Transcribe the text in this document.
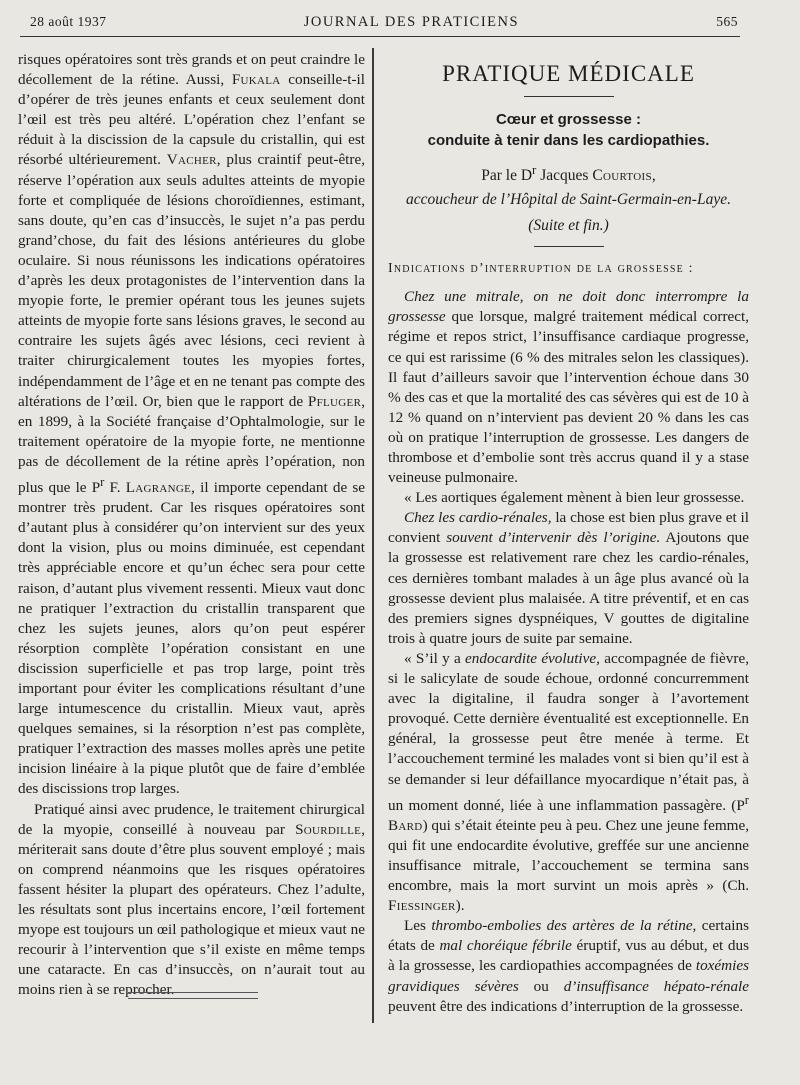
28 août 1937	JOURNAL DES PRATICIENS	565

risques opératoires sont très grands et on peut craindre le décollement de la rétine. Aussi, Fukala conseille-t-il d’opérer de très jeunes enfants et ceux seulement dont l’œil est très peu altéré. L’opération chez l’enfant se réduit à la discission de la capsule du cristallin, qui est résorbé ultérieurement. Vacher, plus craintif peut-être, réserve l’opération aux seuls adultes atteints de myopie forte et compliquée de lésions choroïdiennes, estimant, sans doute, qu’en cas d’insuccès, le sujet n’a pas perdu grand’chose, du fait des lésions antérieures du globe oculaire. Si nous réunissons les indications opératoires d’après les deux protagonistes de l’intervention dans la myopie forte, le premier opérant tous les jeunes sujets atteints de myopie forte sans lésions graves, le second au contraire les sujets âgés avec lésions, ceci revient à traiter chirurgicalement toutes les myopies fortes, indépendamment de l’âge et en ne tenant pas compte des altérations de l’œil. Or, bien que le rapport de Pfluger, en 1899, à la Société française d’Ophtalmologie, sur le traitement opératoire de la myopie forte, ne mentionne pas de décollement de la rétine après l’opération, non plus que le $P^r$ F. Lagrange, il importe cependant de se montrer très prudent. Car les risques opératoires sont d’autant plus à considérer qu’on intervient sur des yeux dont la vision, plus ou moins diminuée, est cependant très appréciable encore et qu’un échec sera pour cette raison, d’autant plus vivement ressenti. Mieux vaut donc ne pratiquer l’extraction du cristallin transparent que chez les sujets jeunes, alors qu’on peut espérer résorption complète l’opération consistant en une discission superficielle et pas trop large, point très important pour éviter les complications résultant d’une large intumescence du cristallin. Mieux vaut, après quelques semaines, si la résorption n’est pas complète, pratiquer l’extraction des masses molles après une petite incision linéaire à la pique plutôt que de faire d’emblée des discissions trop larges.

Pratiqué ainsi avec prudence, le traitement chirurgical de la myopie, conseillé à nouveau par Sourdille, mériterait sans doute d’être plus souvent employé ; mais on comprend néanmoins que les risques opératoires fassent hésiter la plupart des opérateurs. Chez l’adulte, les résultats sont plus incertains encore, l’œil fortement myope est toujours un œil pathologique et mieux vaut ne recourir à l’intervention que s’il existe en même temps une cataracte. En cas d’insuccès, on n’aurait tout au moins rien à se reprocher.

PRATIQUE MÉDICALE
Cœur et grossesse :
conduite à tenir dans les cardiopathies.
Par le $D^r$ Jacques Courtois,
accoucheur de l’Hôpital de Saint-Germain-en-Laye.
(Suite et fin.)
Indications d’interruption de la grossesse :

Chez une mitrale, on ne doit donc interrompre la grossesse que lorsque, malgré traitement médical correct, régime et repos strict, l’insuffisance cardiaque progresse, ce qui est rarissime (6 % des mitrales selon les classiques). Il faut d’ailleurs savoir que l’intervention échoue dans 30 % des cas et que la mortalité des cas sévères qui est de 10 à 12 % quand on n’intervient pas devient 20 % dans les cas où on pratique l’interruption de grossesse. Les dangers de thrombose et d’embolie sont très accrus quand il y a stase veineuse pulmonaire.

« Les aortiques également mènent à bien leur grossesse.

Chez les cardio-rénales, la chose est bien plus grave et il convient souvent d’intervenir dès l’origine. Ajoutons que la grossesse est relativement rare chez les cardio-rénales, ces dernières tombant malades à un âge plus avancé où la grossesse devient plus malaisée. A titre préventif, et en cas des premiers signes dyspnéiques, V gouttes de digitaline trois à quatre jours de suite par semaine.

« S’il y a endocardite évolutive, accompagnée de fièvre, si le salicylate de soude échoue, ordonné concurremment avec la digitaline, il faudra songer à l’avortement provoqué. Cette dernière éventualité est exceptionnelle. En général, la grossesse peut être menée à terme. Et l’accouchement terminé les malades vont si bien qu’il est à se demander si leur défaillance myocardique n’était pas, à un moment donné, liée à une inflammation passagère. ($P^r$ Bard) qui s’était éteinte peu à peu. Chez une jeune femme, qui fit une endocardite évolutive, greffée sur une ancienne insuffisance mitrale, l’accouchement se termina sans encombre, mais la mort survint un mois après » (Ch. Fiessinger).

Les thrombo-embolies des artères de la rétine, certains états de mal choréique fébrile éruptif, vus au début, et dus à la grossesse, les cardiopathies accompagnées de toxémies gravidiques sévères ou d’insuffisance hépato-rénale peuvent être des indications d’interruption de la grossesse.
